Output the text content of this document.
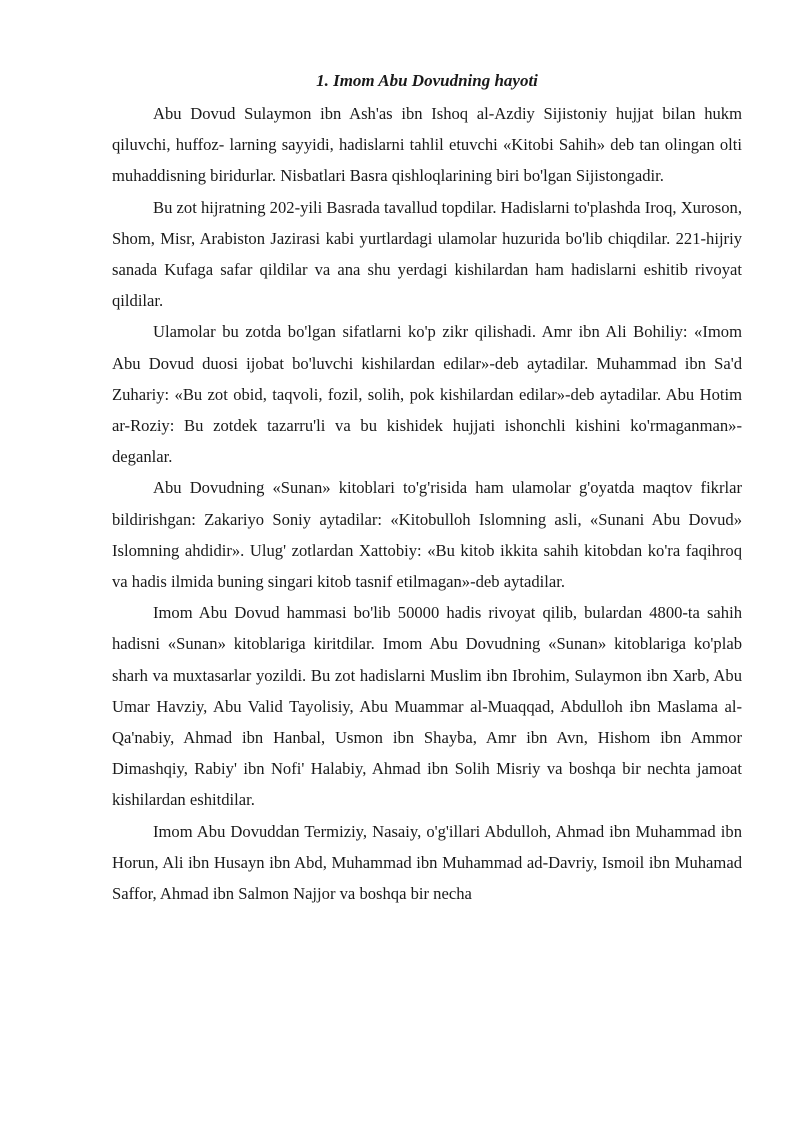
1. Imom Abu Dovudning hayoti

Abu Dovud Sulaymon ibn Ash'as ibn Ishoq al-Azdiy Sijistoniy hujjat bilan hukm qiluvchi, huffoz- larning sayyidi, hadislarni tahlil etuvchi «Kitobi Sahih» deb tan olingan olti muhaddisning biridurlar. Nisbatlari Basra qishloqlarining biri bo'lgan Sijistongadir.

Bu zot hijratning 202-yili Basrada tavallud topdilar. Hadislarni to'plashda Iroq, Xuroson, Shom, Misr, Arabiston Jazirasi kabi yurtlardagi ulamolar huzurida bo'lib chiqdilar. 221-hijriy sanada Kufaga safar qildilar va ana shu yerdagi kishilardan ham hadislarni eshitib rivoyat qildilar.

Ulamolar bu zotda bo'lgan sifatlarni ko'p zikr qilishadi. Amr ibn Ali Bohiliy: «Imom Abu Dovud duosi ijobat bo'luvchi kishilardan edilar»-deb aytadilar. Muhammad ibn Sa'd Zuhariy: «Bu zot obid, taqvoli, fozil, solih, pok kishilardan edilar»-deb aytadilar. Abu Hotim ar-Roziy: Bu zotdek tazarru'li va bu kishidek hujjati ishonchli kishini ko'rmaganman»- deganlar.

Abu Dovudning «Sunan» kitoblari to'g'risida ham ulamolar g'oyatda maqtov fikrlar bildirishgan: Zakariyo Soniy aytadilar: «Kitobulloh Islomning asli, «Sunani Abu Dovud» Islomning ahdidir». Ulug' zotlardan Xattobiy: «Bu kitob ikkita sahih kitobdan ko'ra faqihroq va hadis ilmida buning singari kitob tasnif etilmagan»-deb aytadilar.

Imom Abu Dovud hammasi bo'lib 50000 hadis rivoyat qilib, bulardan 4800-ta sahih hadisni «Sunan» kitoblariga kiritdilar. Imom Abu Dovudning «Sunan» kitoblariga ko'plab sharh va muxtasarlar yozildi. Bu zot hadislarni Muslim ibn Ibrohim, Sulaymon ibn Xarb, Abu Umar Havziy, Abu Valid Tayolisiy, Abu Muammar al-Muaqqad, Abdulloh ibn Maslama al-Qa'nabiy, Ahmad ibn Hanbal, Usmon ibn Shayba, Amr ibn Avn, Hishom ibn Ammor Dimashqiy, Rabiy' ibn Nofi' Halabiy, Ahmad ibn Solih Misriy va boshqa bir nechta jamoat kishilardan eshitdilar.

Imom Abu Dovuddan Termiziy, Nasaiy, o'g'illari Abdulloh, Ahmad ibn Muhammad ibn Horun, Ali ibn Husayn ibn Abd, Muhammad ibn Muhammad ad-Davriy, Ismoil ibn Muhamad Saffor, Ahmad ibn Salmon Najjor va boshqa bir necha
